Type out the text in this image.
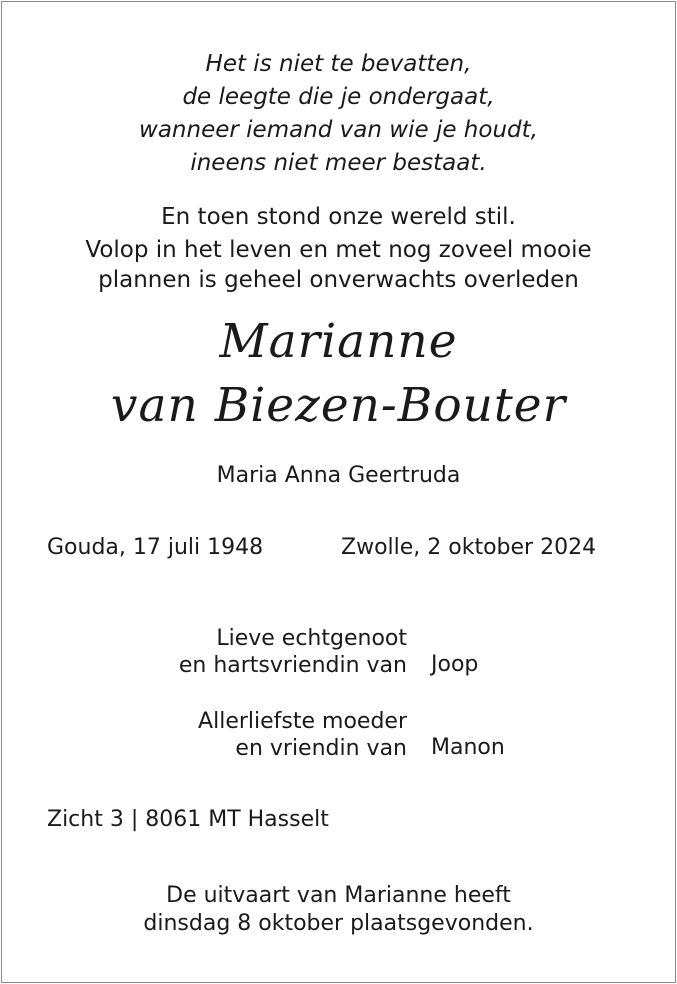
Het is niet te bevatten,
de leegte die je ondergaat,
wanneer iemand van wie je houdt,
ineens niet meer bestaat.
En toen stond onze wereld stil.
Volop in het leven en met nog zoveel mooie
plannen is geheel onverwachts overleden
Marianne
van Biezen-Bouter
Maria Anna Geertruda
Gouda, 17 juli 1948	Zwolle, 2 oktober 2024
Lieve echtgenoot
en hartsvriendin van Joop
Allerliefste moeder
en vriendin van Manon
Zicht 3 | 8061 MT Hasselt
De uitvaart van Marianne heeft
dinsdag 8 oktober plaatsgevonden.
